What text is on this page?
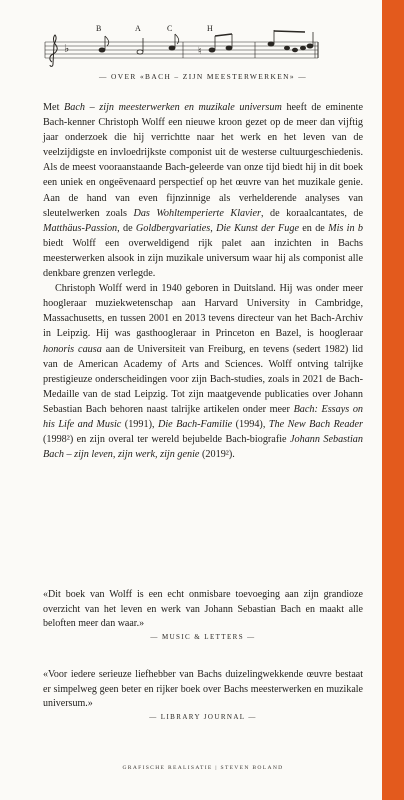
B	A	C	H
♭	♮
— OVER «BACH – ZIJN MEESTERWERKEN» —

Met Bach – zijn meesterwerken en muzikale universum heeft de eminente Bach-kenner Christoph Wolff een nieuwe kroon gezet op de meer dan vijftig jaar onderzoek die hij verrichtte naar het werk en het leven van de veelzijdigste en invloedrijkste componist uit de westerse cultuurgeschiedenis. Als de meest vooraanstaande Bach-geleerde van onze tijd biedt hij in dit boek een uniek en ongeëvenaard perspectief op het œuvre van het muzikale genie. Aan de hand van even fijnzinnige als verhelderende analyses van sleutelwerken zoals Das Wohltemperierte Klavier, de koraalcantates, de Matthäus-Passion, de Goldbergvariaties, Die Kunst der Fuge en de Mis in b biedt Wolff een overweldigend rijk palet aan inzichten in Bachs meesterwerken alsook in zijn muzikale universum waar hij als componist alle denkbare grenzen verlegde.

Christoph Wolff werd in 1940 geboren in Duitsland. Hij was onder meer hoogleraar muziekwetenschap aan Harvard University in Cambridge, Massachusetts, en tussen 2001 en 2013 tevens directeur van het Bach-Archiv in Leipzig. Hij was gasthoogleraar in Princeton en Bazel, is hoogleraar honoris causa aan de Universiteit van Freiburg, en tevens (sedert 1982) lid van de American Academy of Arts and Sciences. Wolff ontving talrijke prestigieuze onderscheidingen voor zijn Bach-studies, zoals in 2021 de Bach-Medaille van de stad Leipzig. Tot zijn maatgevende publicaties over Johann Sebastian Bach behoren naast talrijke artikelen onder meer Bach: Essays on his Life and Music (1991), Die Bach-Familie (1994), The New Bach Reader (1998²) en zijn overal ter wereld bejubelde Bach-biografie Johann Sebastian Bach – zijn leven, zijn werk, zijn genie (2019²).

«Dit boek van Wolff is een echt onmisbare toevoeging aan zijn grandioze overzicht van het leven en werk van Johann Sebastian Bach en maakt alle beloften meer dan waar.»
— MUSIC & LETTERS —
«Voor iedere serieuze liefhebber van Bachs duizelingwekkende œuvre bestaat er simpelweg geen beter en rijker boek over Bachs meesterwerken en muzikale universum.»
— LIBRARY JOURNAL —
GRAFISCHE REALISATIE | STEVEN BOLAND
